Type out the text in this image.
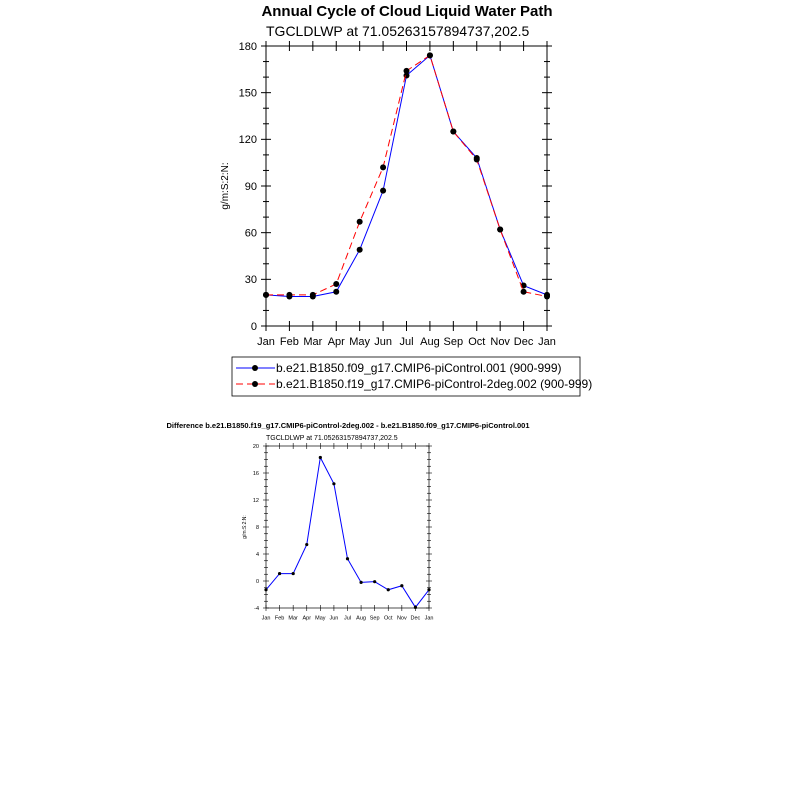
Annual Cycle of Cloud Liquid Water Path
TGCLDLWP at 71.05263157894737,202.5
g/m:S:2:N:
0
30
60
90
120
150
180
Jan Feb Mar Apr May Jun Jul Aug Sep Oct Nov Dec Jan
b.e21.B1850.f09_g17.CMIP6-piControl.001 (900-999)
b.e21.B1850.f19_g17.CMIP6-piControl-2deg.002 (900-999)
Difference b.e21.B1850.f19_g17.CMIP6-piControl-2deg.002 - b.e21.B1850.f09_g17.CMIP6-piControl.001
TGCLDLWP at 71.05263157894737,202.5
g/m:S:2:N:
-4
0
4
8
12
16
20
Jan Feb Mar Apr May Jun Jul Aug Sep Oct Nov Dec Jan
